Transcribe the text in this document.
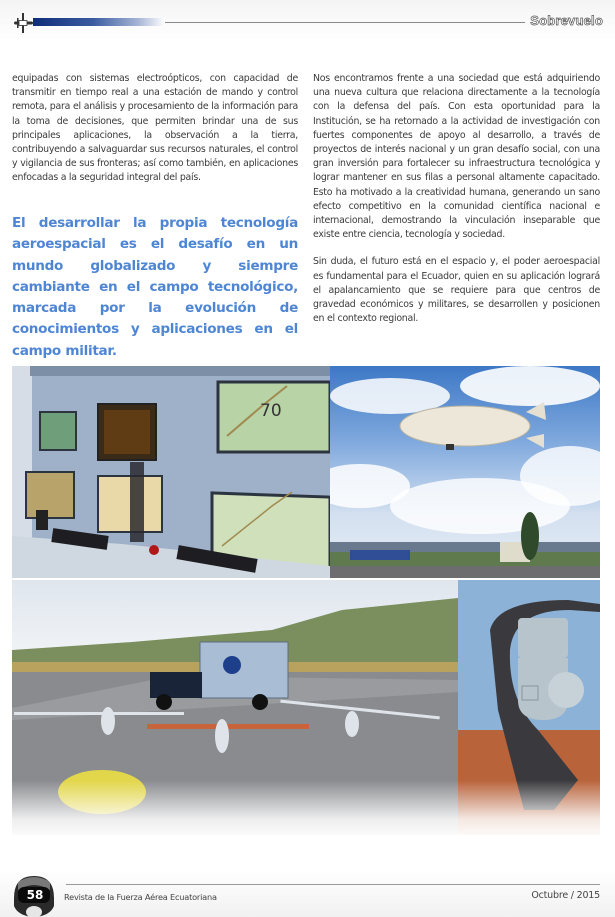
Sobrevuelo

equipadas con sistemas electroópticos, con capacidad de transmitir en tiempo real a una estación de mando y control remota, para el análisis y procesamiento de la información para la toma de decisiones, que permiten brindar una de sus principales aplicaciones, la observación a la tierra, contribuyendo a salvaguardar sus recursos naturales, el control y vigilancia de sus fronteras; así como también, en aplicaciones enfocadas a la seguridad integral del país.

El desarrollar la propia tecnología aeroespacial es el desafío en un mundo globalizado y siempre cambiante en el campo tecnológico, marcada por la evolución de conocimientos y aplicaciones en el campo militar.

Nos encontramos frente a una sociedad que está adquiriendo una nueva cultura que relaciona directamente a la tecnología con la defensa del país. Con esta oportunidad para la Institución, se ha retornado a la actividad de investigación con fuertes componentes de apoyo al desarrollo, a través de proyectos de interés nacional y un gran desafío social, con una gran inversión para fortalecer su infraestructura tecnológica y lograr mantener en sus filas a personal altamente capacitado. Esto ha motivado a la creatividad humana, generando un sano efecto competitivo en la comunidad científica nacional e internacional, demostrando la vinculación inseparable que existe entre ciencia, tecnología y sociedad.

Sin duda, el futuro está en el espacio y, el poder aeroespacial es fundamental para el Ecuador, quien en su aplicación logrará el apalancamiento que se requiere para que centros de gravedad económicos y militares, se desarrollen y posicionen en el contexto regional.

70
58	Revista de la Fuerza Aérea Ecuatoriana	Octubre / 2015
